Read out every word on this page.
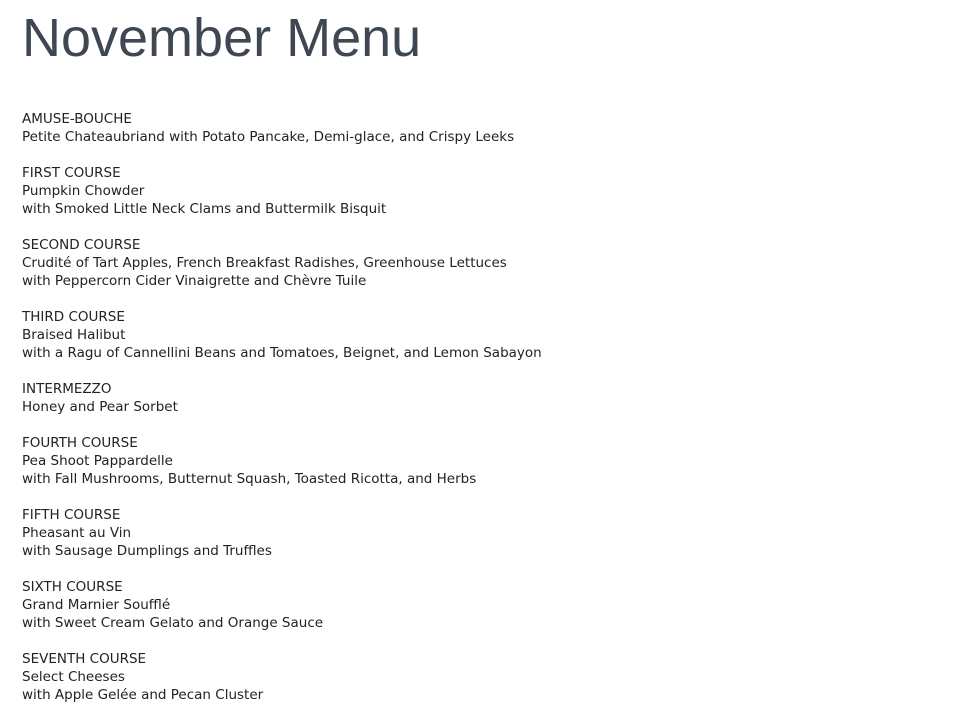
November Menu
AMUSE-BOUCHE
Petite Chateaubriand with Potato Pancake, Demi-glace, and Crispy Leeks
FIRST COURSE
Pumpkin Chowder
with Smoked Little Neck Clams and Buttermilk Bisquit
SECOND COURSE
Crudité of Tart Apples, French Breakfast Radishes, Greenhouse Lettuces
with Peppercorn Cider Vinaigrette and Chèvre Tuile
THIRD COURSE
Braised Halibut
with a Ragu of Cannellini Beans and Tomatoes, Beignet, and Lemon Sabayon
INTERMEZZO
Honey and Pear Sorbet
FOURTH COURSE
Pea Shoot Pappardelle
with Fall Mushrooms, Butternut Squash, Toasted Ricotta, and Herbs
FIFTH COURSE
Pheasant au Vin
with Sausage Dumplings and Truffles
SIXTH COURSE
Grand Marnier Soufflé
with Sweet Cream Gelato and Orange Sauce
SEVENTH COURSE
Select Cheeses
with Apple Gelée and Pecan Cluster
